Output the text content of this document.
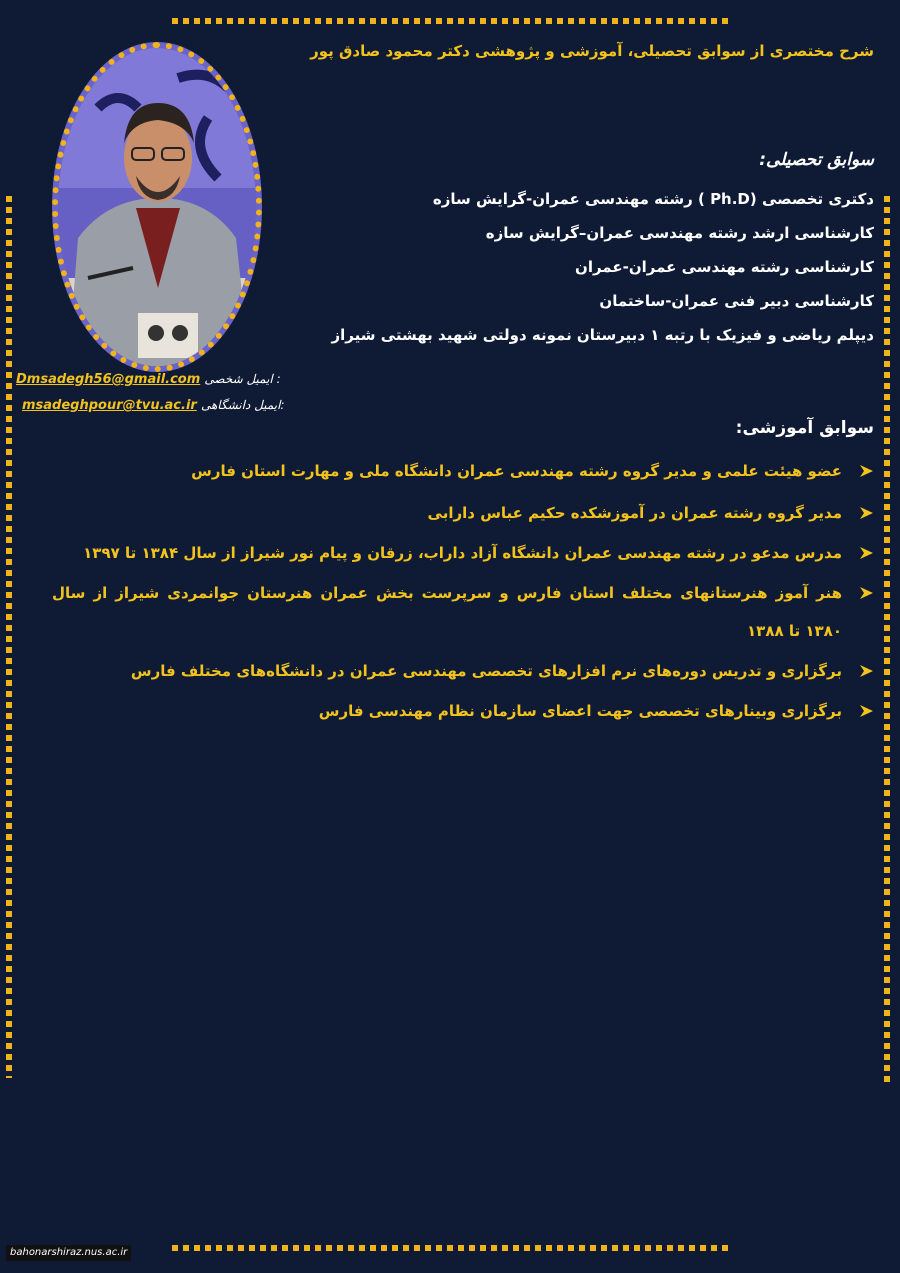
شرح مختصری از سوابق تحصیلی، آموزشی و پژوهشی دکتر محمود صادق پور
سوابق تحصیلی:
دکتری تخصصی (Ph.D ) رشته مهندسی عمران-گرایش سازه
کارشناسی ارشد رشته مهندسی عمران–گرایش سازه
کارشناسی رشته مهندسی عمران-عمران
کارشناسی دبیر فنی عمران-ساختمان
دیپلم ریاضی و فیزیک با رتبه ۱ دبیرستان نمونه دولتی شهید بهشتی شیراز
Dmsadegh56@gmail.com ایمیل شخصی :
msadeghpour@tvu.ac.ir ایمیل دانشگاهی:
سوابق آموزشی:
عضو هیئت علمی و مدیر گروه رشته مهندسی عمران دانشگاه ملی و مهارت استان فارس
مدیر گروه رشته عمران در آموزشکده حکیم عباس دارابی
مدرس مدعو در رشته مهندسی عمران دانشگاه آزاد داراب، زرقان و پیام نور شیراز از سال ۱۳۸۴ تا ۱۳۹۷
هنر آموز هنرستانهای مختلف استان فارس و سرپرست بخش عمران هنرستان جوانمردی شیراز از سال ۱۳۸۰ تا ۱۳۸۸
برگزاری و تدریس دوره‌های نرم افزارهای تخصصی مهندسی عمران در دانشگاه‌های مختلف فارس
برگزاری وبینارهای تخصصی جهت اعضای سازمان نظام مهندسی فارس
bahonarshiraz.nus.ac.ir
